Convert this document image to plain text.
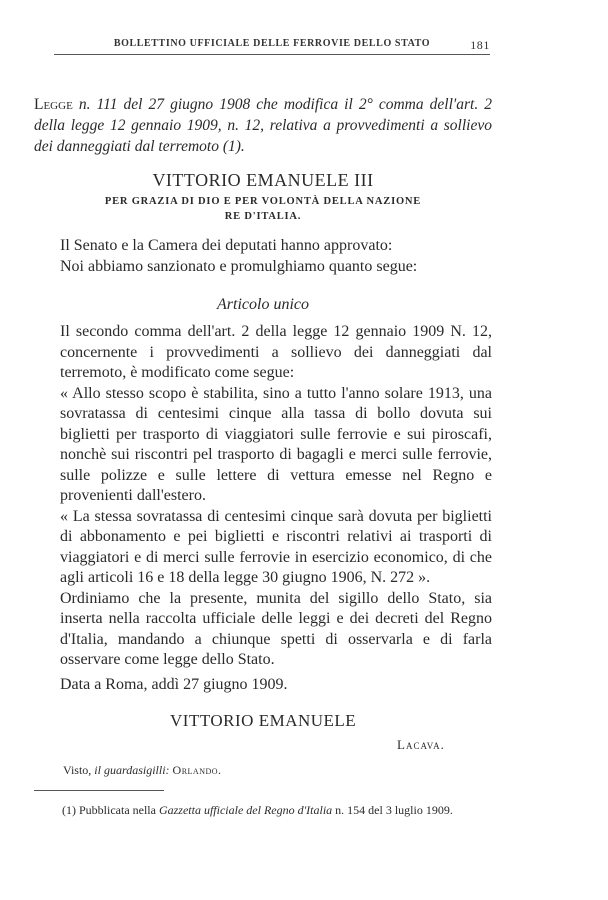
BOLLETTINO UFFICIALE DELLE FERROVIE DELLO STATO	181
Legge n. 111 del 27 giugno 1908 che modifica il 2° comma dell'art. 2 della legge 12 gennaio 1909, n. 12, relativa a provvedimenti a sollievo dei danneggiati dal terremoto (1).
VITTORIO EMANUELE III
PER GRAZIA DI DIO E PER VOLONTÀ DELLA NAZIONE
RE D'ITALIA.
Il Senato e la Camera dei deputati hanno approvato:
Noi abbiamo sanzionato e promulghiamo quanto segue:
Articolo unico

Il secondo comma dell'art. 2 della legge 12 gennaio 1909 N. 12, concernente i provvedimenti a sollievo dei danneggiati dal terremoto, è modificato come segue:

« Allo stesso scopo è stabilita, sino a tutto l'anno solare 1913, una sovratassa di centesimi cinque alla tassa di bollo dovuta sui biglietti per trasporto di viaggiatori sulle ferrovie e sui piroscafi, nonchè sui riscontri pel trasporto di bagagli e merci sulle ferrovie, sulle polizze e sulle lettere di vettura emesse nel Regno e provenienti dall'estero.

« La stessa sovratassa di centesimi cinque sarà dovuta per biglietti di abbonamento e pei biglietti e riscontri relativi ai trasporti di viaggiatori e di merci sulle ferrovie in esercizio economico, di che agli articoli 16 e 18 della legge 30 giugno 1906, N. 272 ».

Ordiniamo che la presente, munita del sigillo dello Stato, sia inserta nella raccolta ufficiale delle leggi e dei decreti del Regno d'Italia, mandando a chiunque spetti di osservarla e di farla osservare come legge dello Stato.

Data a Roma, addì 27 giugno 1909.

VITTORIO EMANUELE
Lacava.
Visto, il guardasigilli: Orlando.
(1) Pubblicata nella Gazzetta ufficiale del Regno d'Italia n. 154 del 3 luglio 1909.
